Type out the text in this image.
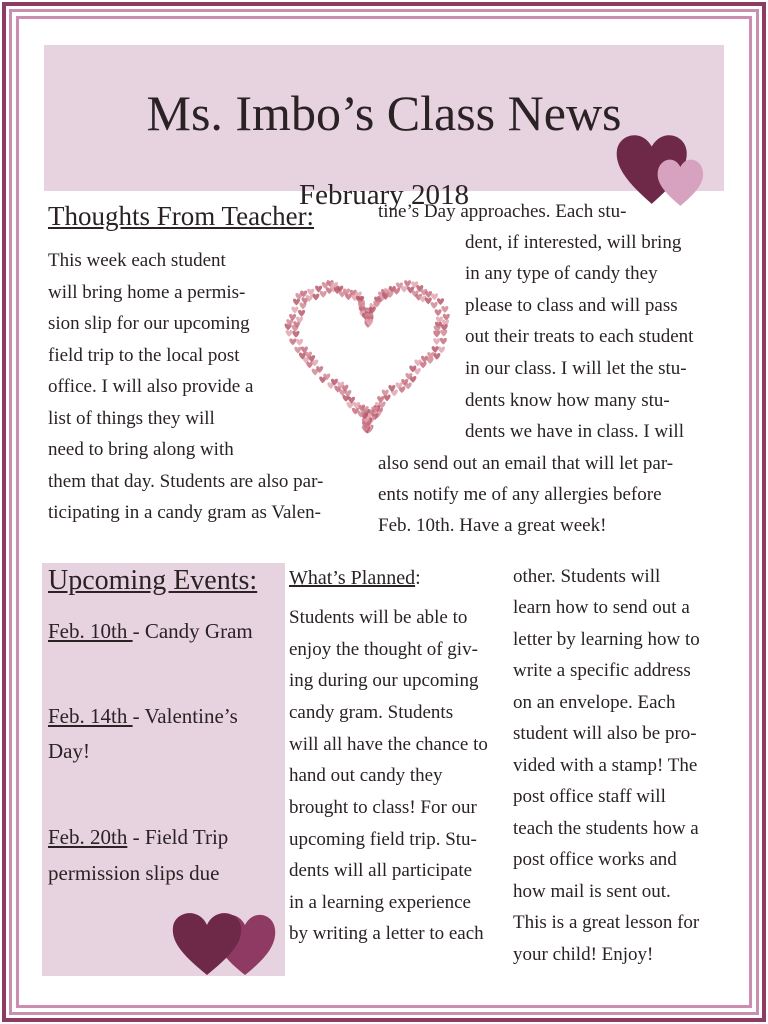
Ms. Imbo’s Class News
February 2018
Thoughts From Teacher:
This week each student
will bring home a permis-
sion slip for our upcoming
field trip to the local post
office. I will also provide a
list of things they will
need to bring along with
them that day. Students are also par-
ticipating in a candy gram as Valen-
tine’s Day approaches. Each stu-
dent, if interested, will bring
in any type of candy they
please to class and will pass
out their treats to each student
in our class. I will let the stu-
dents know how many stu-
dents we have in class. I will
also send out an email that will let par-
ents notify me of any allergies before
Feb. 10th. Have a great week!
Upcoming Events:
Feb. 10th - Candy Gram
Feb. 14th - Valentine’s
Day!
Feb. 20th - Field Trip
permission slips due
What’s Planned:
Students will be able to
enjoy the thought of giv-
ing during our upcoming
candy gram. Students
will all have the chance to
hand out candy they
brought to class! For our
upcoming field trip. Stu-
dents will all participate
in a learning experience
by writing a letter to each
other. Students will
learn how to send out a
letter by learning how to
write a specific address
on an envelope. Each
student will also be pro-
vided with a stamp! The
post office staff will
teach the students how a
post office works and
how mail is sent out.
This is a great lesson for
your child! Enjoy!
